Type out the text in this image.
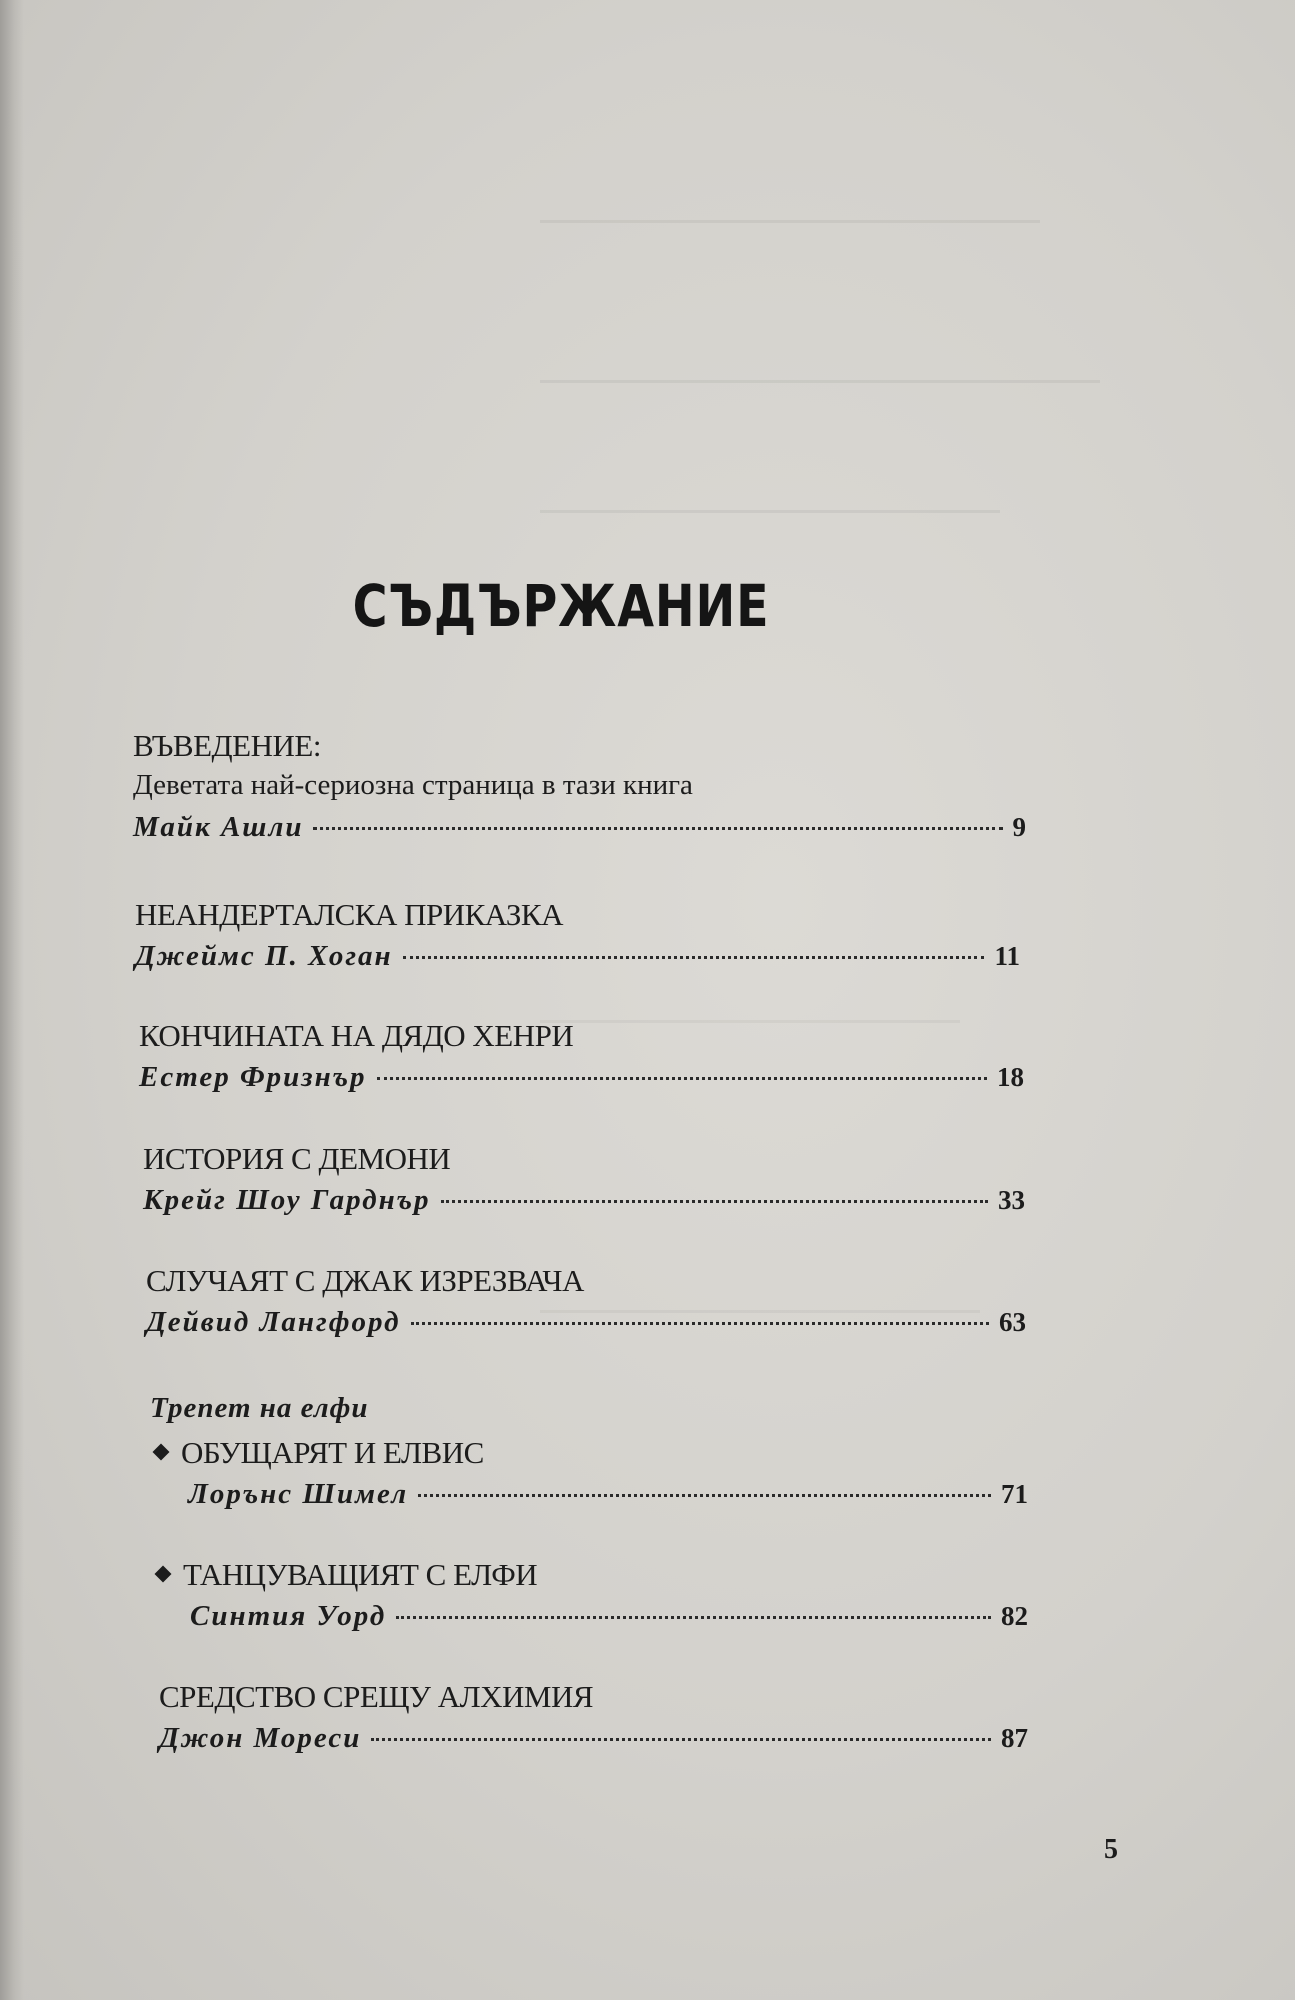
СЪДЪРЖАНИЕ
ВЪВЕДЕНИЕ:
Деветата най-сериозна страница в тази книга
Майк Ашли	9
НЕАНДЕРТАЛСКА ПРИКАЗКА
Джеймс П. Хоган	11
КОНЧИНАТА НА ДЯДО ХЕНРИ
Естер Фризнър	18
ИСТОРИЯ С ДЕМОНИ
Крейг Шоу Гарднър	33
СЛУЧАЯТ С ДЖАК ИЗРЕЗВАЧА
Дейвид Лангфорд	63
Трепет на елфи
ОБУЩАРЯТ И ЕЛВИС
Лорънс Шимел	71
ТАНЦУВАЩИЯТ С ЕЛФИ
Синтия Уорд	82
СРЕДСТВО СРЕЩУ АЛХИМИЯ
Джон Мореси	87
5
